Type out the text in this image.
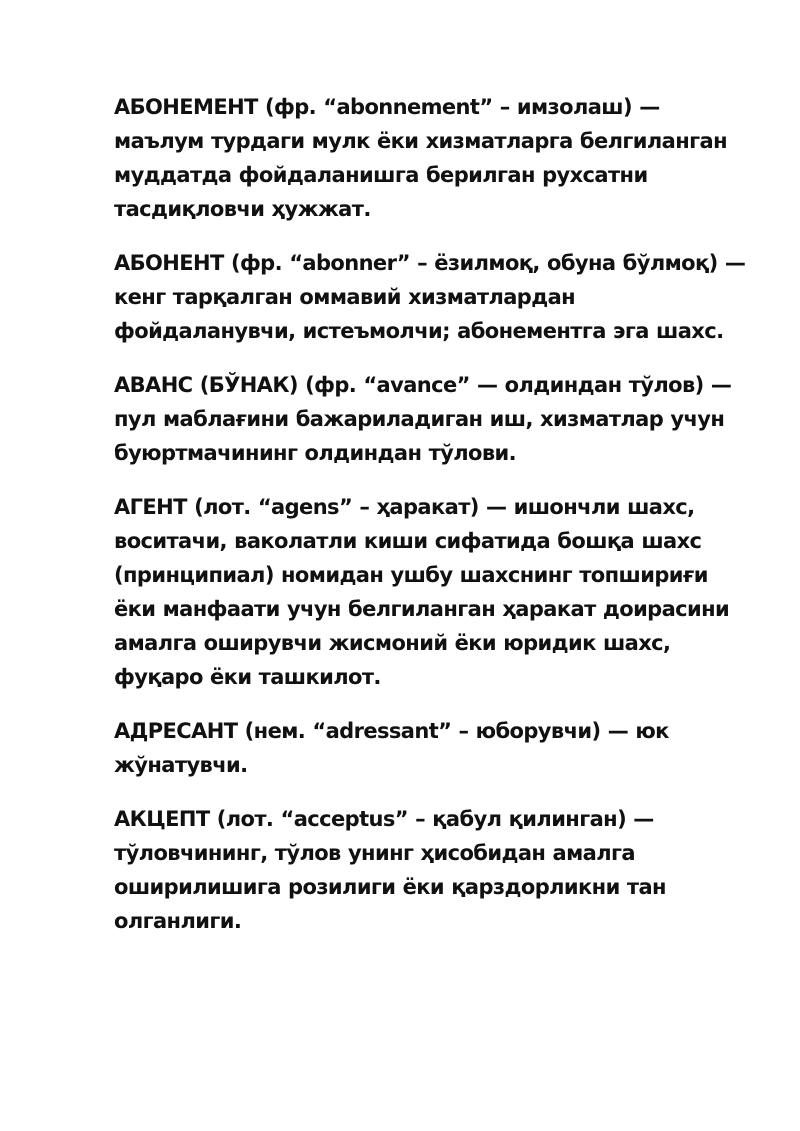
АБОНЕМЕНТ (фр. “abonnement” – имзолаш) — маълум турдаги мулк ёки хизматларга белгиланган муддатда фойдаланишга берилган рухсатни тасдиқловчи ҳужжат.

АБОНЕНТ (фр. “abonner” – ёзилмоқ, обуна бўлмоқ) — кенг тарқалган оммавий хизматлардан фойдаланувчи, истеъмолчи; абонементга эга шахс.

АВАНС (БЎНАК) (фр. “avance” — олдиндан тўлов) — пул маблағини бажариладиган иш, хизматлар учун буюртмачининг олдиндан тўлови.

АГЕНТ (лот. “agens” – ҳаракат) — ишончли шахс, воситачи, ваколатли киши сифатида бошқа шахс (принципиал) номидан ушбу шахснинг топшириғи ёки манфаати учун белгиланган ҳаракат доирасини амалга оширувчи жисмоний ёки юридик шахс, фуқаро ёки ташкилот.

АДРЕСАНТ (нем. “adressant” – юборувчи) — юк жўнатувчи.

АКЦЕПТ (лот. “acceptus” – қабул қилинган) — тўловчининг, тўлов унинг ҳисобидан амалга оширилишига розилиги ёки қарздорликни тан олганлиги.
